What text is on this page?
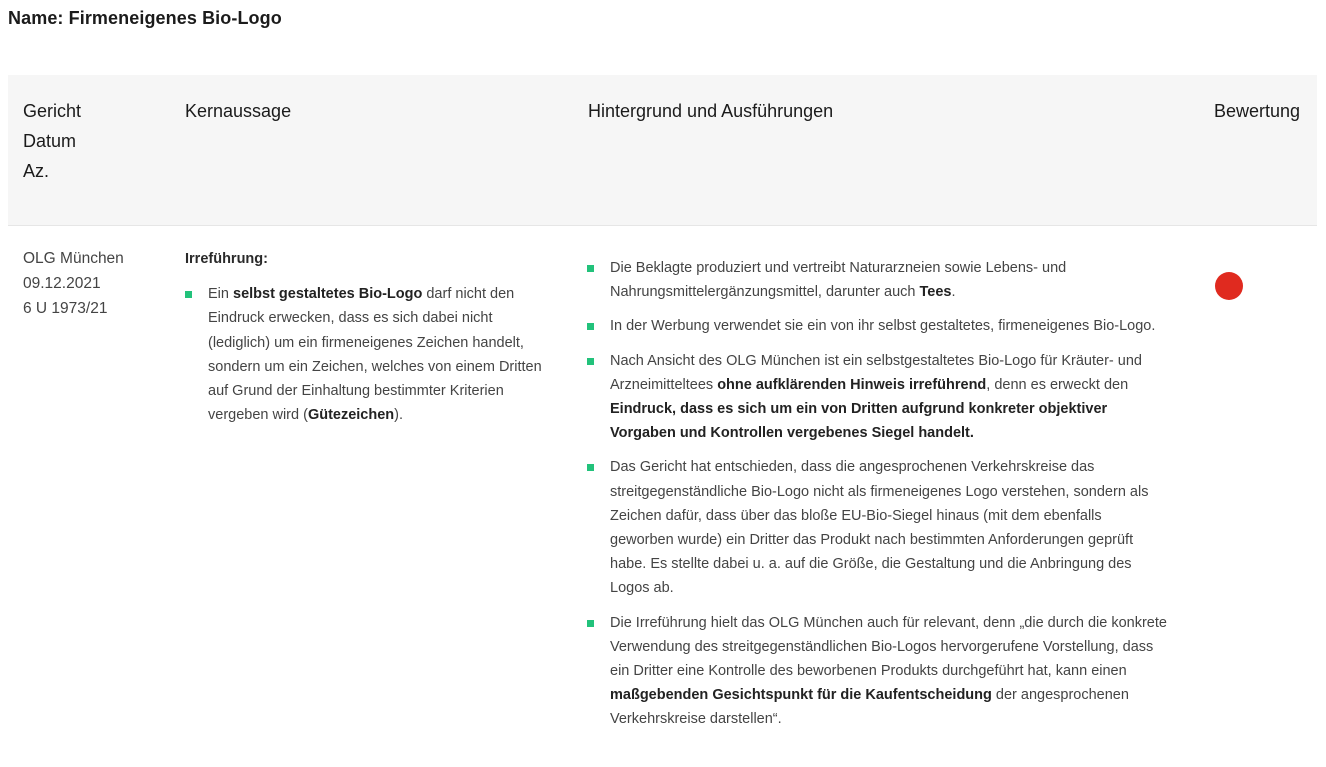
Name: Firmeneigenes Bio-Logo
Gericht
Datum
Az.
Kernaussage	Hintergrund und Ausführungen	Bewertung
OLG München
09.12.2021
6 U 1973/21
Irreführung:
Ein selbst gestaltetes Bio-Logo darf nicht den Eindruck erwecken, dass es sich dabei nicht (lediglich) um ein firmeneigenes Zeichen handelt, sondern um ein Zeichen, welches von einem Dritten auf Grund der Einhaltung bestimmter Kriterien vergeben wird (Gütezeichen).
Die Beklagte produziert und vertreibt Naturarzneien sowie Lebens- und Nahrungsmittelergänzungsmittel, darunter auch Tees.
In der Werbung verwendet sie ein von ihr selbst gestaltetes, firmeneigenes Bio-Logo.
Nach Ansicht des OLG München ist ein selbstgestaltetes Bio-Logo für Kräuter- und Arzneimitteltees ohne aufklärenden Hinweis irreführend, denn es erweckt den Eindruck, dass es sich um ein von Dritten aufgrund konkreter objektiver Vorgaben und Kontrollen vergebenes Siegel handelt.
Das Gericht hat entschieden, dass die angesprochenen Verkehrskreise das streitgegenständliche Bio-Logo nicht als firmeneigenes Logo verstehen, sondern als Zeichen dafür, dass über das bloße EU-Bio-Siegel hinaus (mit dem ebenfalls geworben wurde) ein Dritter das Produkt nach bestimmten Anforderungen geprüft habe. Es stellte dabei u. a. auf die Größe, die Gestaltung und die Anbringung des Logos ab.
Die Irreführung hielt das OLG München auch für relevant, denn „die durch die konkrete Verwendung des streitgegenständlichen Bio-Logos hervorgerufene Vorstellung, dass ein Dritter eine Kontrolle des beworbenen Produkts durchgeführt hat, kann einen maßgebenden Gesichtspunkt für die Kaufentscheidung der angesprochenen Verkehrskreise darstellen“.
